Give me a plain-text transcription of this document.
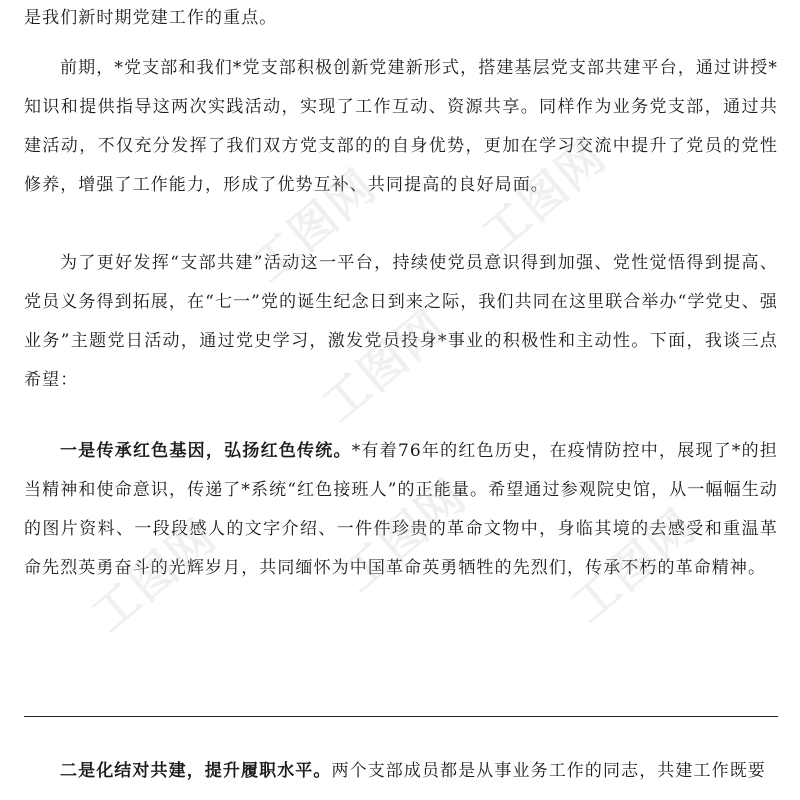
是我们新时期党建工作的重点。

前期，*党支部和我们*党支部积极创新党建新形式，搭建基层党支部共建平台，通过讲授*知识和提供指导这两次实践活动，实现了工作互动、资源共享。同样作为业务党支部，通过共建活动，不仅充分发挥了我们双方党支部的的自身优势，更加在学习交流中提升了党员的党性修养，增强了工作能力，形成了优势互补、共同提高的良好局面。

为了更好发挥“支部共建”活动这一平台，持续使党员意识得到加强、党性觉悟得到提高、党员义务得到拓展，在“七一”党的诞生纪念日到来之际，我们共同在这里联合举办“学党史、强业务”主题党日活动，通过党史学习，激发党员投身*事业的积极性和主动性。下面，我谈三点希望：

一是传承红色基因，弘扬红色传统。*有着76年的红色历史，在疫情防控中，展现了*的担当精神和使命意识，传递了*系统“红色接班人”的正能量。希望通过参观院史馆，从一幅幅生动的图片资料、一段段感人的文字介绍、一件件珍贵的革命文物中，身临其境的去感受和重温革命先烈英勇奋斗的光辉岁月，共同缅怀为中国革命英勇牺牲的先烈们，传承不朽的革命精神。

二是化结对共建，提升履职水平。两个支部成员都是从事业务工作的同志，共建工作既要

工图网 工图网
工图网
工图网 工图网 工图网
